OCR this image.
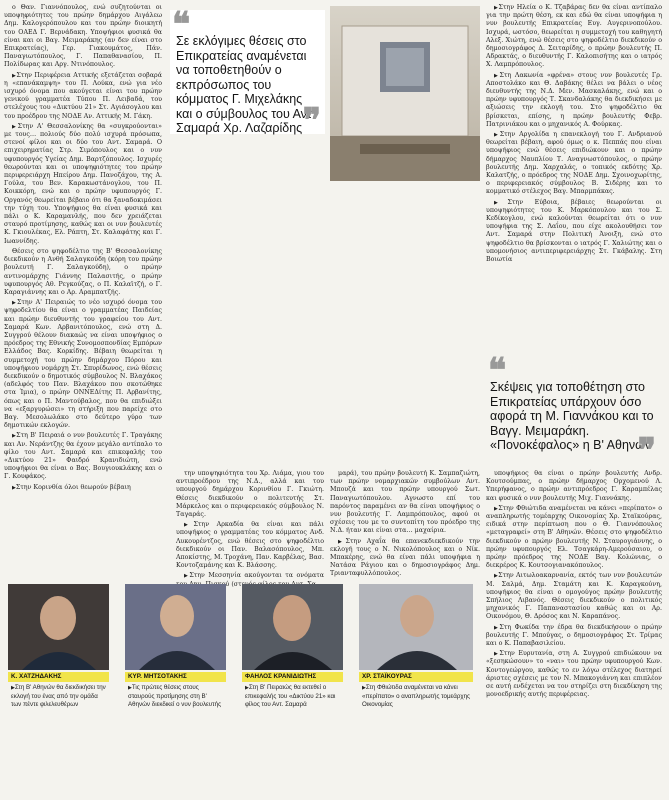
ο Θαν. Γιαννόπουλος, ενώ συζητούνται οι υποψηφιότητες του πρώην δημάρχου Αιγάλεω Δημ. Καλογερόπουλου και του πρώην διοικητή του ΟΑΕΔ Γ. Βερνάδακη. Υποψήφιοι φυσικά θα είναι και οι Βαγ. Μειμαράκης (αν δεν είναι στο Επικρατείας), Γερ. Γιακουμάτος, Πάν. Παναγιωτόπουλος, Γ. Παπαθανασίου, Π. Πολίδωρας και Αργ. Ντινόπουλος.

▶ Στην Περιφέρεια Αττικής εξετάζεται σοβαρά η «επανάκαμψη» του Π. Λούκα, ενώ για νέο ισχυρό όνομα που ακούγεται είναι του πρώην γενικού γραμματέα Τύπου Π. Λειβαδά, του στελέχους του «Δικτύου 21» Στ. Αγιάσογλου και του προέδρου της ΝΟΔΕ Αν. Αττικής Μ. Γάκη.

▶ Στην Α' Θεσσαλονίκης θα «συγκρούονται» με τους… πολιούς δύο πολύ ισχυρά πρόσωπα, στενοί φίλοι και οι δύο του Αντ. Σαμαρά. Ο επιχειρηματίας Στρ. Σιμόπουλος και ο νυν υφυπουργός Υγείας Δημ. Βαρτζόπουλος. Ισχυρές θεωρούνται και οι υποψηφιότητες του πρώην περιφερειάρχη Ηπείρου Δημ. Πανοζάχου, της Α. Γούλα, του Βεν. Καρακωστάνογλου, του Π. Κοικκόρη, ενώ και ο πρώην υφυπουργός Γ. Οργανός θεωρείται βέβαιο ότι θα ξαναδοκιμάσει την τύχη του. Υποψήφιος θα είναι φυσικά και πάλι ο Κ. Καραμανλής, που δεν χρειάζεται σταυρό προτίμησης, καθώς και οι νυν βουλευτές Κ. Γκιουλέκας, Ελ. Ράπτη, Στ. Καλαφάτης και Γ. Ιωαννίδης.

Θέσεις στο ψηφοδέλτιο της Β' Θεσσαλονίκης διεκδικούν η Ανθή Σαλαγκούδη (κόρη του πρώην βουλευτή Γ. Σαλαγκούδη), ο πρώην αντινομάρχης Γιάννης Παλασιτής, ο πρώην υφυπουργός Αθ. Ρεγκούζας, ο Π. Καλαϊτζή, ο Γ. Καραγιάννης και ο Αρ. Αραμπατζής.

▶ Στην Α' Πειραιώς το νέο ισχυρό όνομα του ψηφοδελτίου θα είναι ο γραμματέας Παιδείας και πρώην διευθυντής του γραφείου του Αντ. Σαμαρά Κων. Αρβανιτόπουλος, ενώ στη Δ. Συγγρού θέλουν διακαώς να είναι υποψήφιος ο πρόεδρος της Εθνικής Συνομοσπονδίας Εμπόρων Ελλάδος Βας. Κορκίδης. Βέβαιη θεωρείται η συμμετοχή του πρώην δημάρχου Πόρου και υποψήφιου νομάρχη Στ. Σπυρίδωνος, ενώ θέσεις διεκδικούν ο δημοτικός σύμβουλος Ν. Βλαχάκος (αδελφός του Παν. Βλαχάκου που σκοτώθηκε στα Ίμια), ο πρώην ΟΝΝΕΔίτης Π. Αρβανίτης, όπως και ο Π. Μαντούβαλος, που θα επιδιώξει να «εξαργυρώσει» τη στήριξη που παρείχε στο Βαγ. Μεσολωλάκο στο δεύτερο γύρο των δημοτικών εκλογών.

▶ Στη Β' Πειραιά ο νυν βουλευτές Γ. Τραγάκης και Αν. Νεράντζης θα έχουν μεγάλο αντίπαλο το φίλο του Αντ. Σαμαρά και επικεφαλής του «Δικτύου 21» Φαιδρό Κρανιδιώτη, ενώ υποψήφιοι θα είναι ο Βας. Βουγιουκλάκης και ο Γ. Κουφάκος.

▶ Στην Κορινθία όλοι θεωρούν βέβαιη

❝
Σε εκλόγιμες θέσεις στο Επικρατείας αναμένεται να τοποθετηθούν ο εκπρόσωπος του κόμματος Γ. Μιχελάκης και ο σύμβουλος του Αντ. Σαμαρά Χρ. Λαζαρίδης ❞

▶ Στην Ηλεία ο Κ. Τζαβάρας δεν θα είναι αντίπαλο για την πρώτη θέση, εκ και εδώ θα είναι υποψήφια η νυν βουλευτής Επικρατείας Ευγ. Αυγερινοπούλου. Ισχυρά, ωστόσο, θεωρείται η συμμετοχή του καθηγητή Αλεξ. Χιώτη, ενώ θέσεις στο ψηφοδέλτιο διεκδικούν ο δημοσιογράφος Δ. Σειταρίδης, ο πρώην βουλευτής Π. Αδρακτάς, ο διευθυντής Γ. Καλοπισήτης και ο ιατρός Χ. Λαμπρόπουλος.

▶ Στη Λακωνία «φρένα» στους νυν βουλευτές Γρ. Αποστολάκο και Θ. Δαβάκης θέλει να βάλει ο νέος διευθυντής της Ν.Δ. Μεν. Μασκαλάκης, ενώ και ο πρώην υφυπουργός Τ. Σκανδαλάκης θα διεκδικήσει με αξιώσεις την εκλογή του. Στο ψηφοδέλτιο θα βρίσκεται, επίσης, η πρώην βουλευτής Φεβρ. Πατρινιάκου και ο μηχανικός Α. Φούρκας.

▶ Στην Αργολίδα η επανεκλογή του Γ. Ανδριανού θεωρείται βέβαιη, αφού όμως ο κ. Πεππάς που είναι υποψήφιος ενώ θέσεις επιδιώκουν και ο πρώην δήμαρχος Ναυπλίου Τ. Αναγνωστόπουλος, ο πρώην βουλευτής Δημ. Χαρχαλάς, ο τοπικός εκδότης Χρ. Καλατζής, ο πρόεδρος της ΝΟΔΕ Δημ. Σχοινοχωρίτης, ο περιφερειακός σύμβουλος Β. Σιδέρης και το κομματικό στέλεχος Βαγ. Μπαρμπάκας.

▶ Στην Εύβοια, βέβαιες θεωρούνται οι υποψηφιότητες του Κ. Μαρκόπουλου και του Σ. Κεδίκογλου, ενώ καλούνται θεωρείται ότι ο νυν υποψήφια της Σ. Λαΐου, που είχε ακολουθήσει τον Αντ. Σαμαρά στην Πολιτική Άνοιξη, ενώ στο ψηφοδέλτιο θα βρίσκονται ο ιατρός Γ. Χαλιώτης και ο υπομονήσιος αντιπεριφερειάρχης Στ. Γκάβαλης. Στη Βοιωτία

❝
Σκέψεις για τοποθέτηση στο Επικρατείας υπάρχουν όσο αφορά τη Μ. Γιαννάκου και το Βαγγ. Μειμαράκη. «Πονοκέφαλος» η Β' Αθηνών
❞

την υποψηφιότητα του Χρ. Λιάμα, γιου του αντιπροέδρου της Ν.Δ., αλλά και του υπουργού δημάρχου Κορινθίου Γ. Γκιώτη. Θέσεις διεκδικούν ο πολιτευτής Στ. Μάρκελος και ο περιφερειακός σύμβουλος Ν. Ταγαράς.

▶ Στην Αρκαδία θα είναι και πάλι υποψήφιος ο γραμματέας του κόμματος Ανδ. Λυκουρέντζος, ενώ θέσεις στο ψηφοδέλτιο διεκδικούν οι Παν. Βαλασόπουλος, Μπ. Αποκίστης, Μ. Τροχάνη, Παν. Καρβέλας, Βασ. Κοντοζαμάνης και Κ. Βλάσσης.

▶ Στην Μεσσηνία ακούγονται τα ονόματα

μαρά), του πρώην βουλευτή Κ. Σαμπαζιώτη, των πρώην νομαρχιακών συμβούλων Αντ. Μπουζά και του πρώην υπουργού Σωτ. Παναγιωτόπουλου. Αγνωστο επί του παρόντος παραμένει αν θα είναι υποψήφιος ο νυν βουλευτής Γ. Λαμπρόπουλος, αφού οι σχέσεις του με το συντοπίτη του πρόεδρο της Ν.Δ. ήταν και είναι στα… μαχαίρια.

▶ Στην Αχαΐα θα επανεκδιεκδικούν την εκλογή τους ο Ν. Νικολόπουλος και ο Νίκ. Μπακέρης, ενώ θα είναι πάλι υποψήφια η Νατάσα Ράγιου και ο δημοσιογράφος Δημ. Τριανταφυλλόπουλος.

υποψήφιος θα είναι ο πρώην βουλευτής Ανδρ. Κουτσούμπας, ο πρώην δήμαρχος Ορχομενού Λ. Υπερήφανος, ο πρώην αντιπρόεδρος Γ. Καραμπέλας και φυσικά ο νυν βουλευτής Μιχ. Γιαννάκης.

▶ Στην Φθιώτιδα αναμένεται να κάνει «περίπατο» ο αναπληρωτής τομέαρχης Οικονομίας Χρ. Σταϊκούρας, ειδικά στην περίπτωση που ο Θ. Γιαννόπουλος «μεταγραφεί» στη Β' Αθηνών. Θέσεις στο ψηφοδέλτιο διεκδικούν ο πρώην βουλευτής Ν. Σταυρογιάννης, ο πρώην υφυπουργός Ελ. Τσαγκάρη-Αμερούσαιου, ο πρώην πρόεδρος της ΝΟΔΕ Βαγ. Κολώνιας, ο διεκρέρος Κ. Κουτσογιανακόπουλος.

▶ Στην Αιτωλοακαρνανία, εκτός των νυν βουλευτών Μ. Σαλμά, Δημ. Σταμάτη και Κ. Καραγκούνη, υποψήφιος θα είναι ο ομογούγος πρώην βουλευτής Σπήλιος Λιβανός. Θέσεις διεκδικούν ο πολιτικός μηχανικός Γ. Παπαναστασίου καθώς και οι Αρ. Οικονόμου, Θ. Δρόσος και Ν. Καραπάνος.

▶ Στη Φωκίδα την έδρα θα διεκδικήσουν ο πρώην βουλευτής Γ. Μπούγας, ο δημοσιογράφος Στ. Τρίμας και ο Κ. Παπαβασιλείου.

▶ Στην Ευρυτανία, στη Α. Συγγρού επιδιώκουν να «ξεσηκώσουν» το «ναι» του πρώην υφυπουργού Κων. Κοντογεώργου, καθώς το εν λόγω στέλεχος διατηρεί άριστες σχέσεις με τον Ν. Μπακογιάννη και επιπλέον σε αυτή ενδέχεται να τον στηρίζει στη διεκδίκηση της μονοεδρικής αυτής περιφέρειας.

Κ. ΧΑΤΖΗΔΑΚΗΣ
▶ Στη Β' Αθηνών θα διεκδικήσει την εκλογή του ένας από την ομάδα των πέντε φιλελευθέρων
ΚΥΡ. ΜΗΤΣΟΤΑΚΗΣ
▶ Τις πρώτες θέσεις στους σταυρούς προτίμησης στη Β' Αθηνών διεκδικεί ο νυν βουλευτής
ΦΑΗΛΟΣ ΚΡΑΝΙΔΙΩΤΗΣ
▶ Στη Β' Πειραιώς θα εκτεθεί ο επικεφαλής του «Δικτύου 21» και φίλος του Αντ. Σαμαρά
ΧΡ. ΣΤΑΪΚΟΥΡΑΣ
▶ Στη Φθιώτιδα αναμένεται να κάνει «περίπατο» ο αναπληρωτής τομεάρχης Οικονομίας
